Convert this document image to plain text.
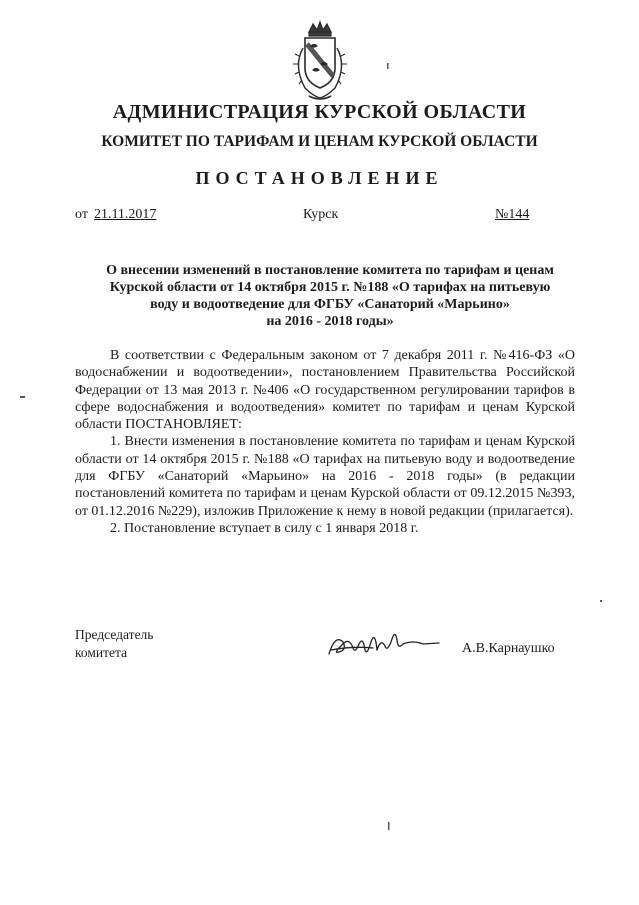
АДМИНИСТРАЦИЯ КУРСКОЙ ОБЛАСТИ
КОМИТЕТ ПО ТАРИФАМ И ЦЕНАМ КУРСКОЙ ОБЛАСТИ
ПОСТАНОВЛЕНИЕ
от 21.11.2017	Курск	№144
О внесении изменений в постановление комитета по тарифам и ценам
Курской области от 14 октября 2015 г. №188 «О тарифах на питьевую
воду и водоотведение для ФГБУ «Санаторий «Марьино»
на 2016 - 2018 годы»

В соответствии с Федеральным законом от 7 декабря 2011 г. №416-ФЗ «О водоснабжении и водоотведении», постановлением Правительства Российской Федерации от 13 мая 2013 г. №406 «О государственном регулировании тарифов в сфере водоснабжения и водоотведения» комитет по тарифам и ценам Курской области ПОСТАНОВЛЯЕТ:

1. Внести изменения в постановление комитета по тарифам и ценам Курской области от 14 октября 2015 г. №188 «О тарифах на питьевую воду и водоотведение для ФГБУ «Санаторий «Марьино» на 2016 - 2018 годы» (в редакции постановлений комитета по тарифам и ценам Курской области от 09.12.2015 №393, от 01.12.2016 №229), изложив Приложение к нему в новой редакции (прилагается).

2. Постановление вступает в силу с 1 января 2018 г.

Председатель
комитета	А.В.Карнаушко
